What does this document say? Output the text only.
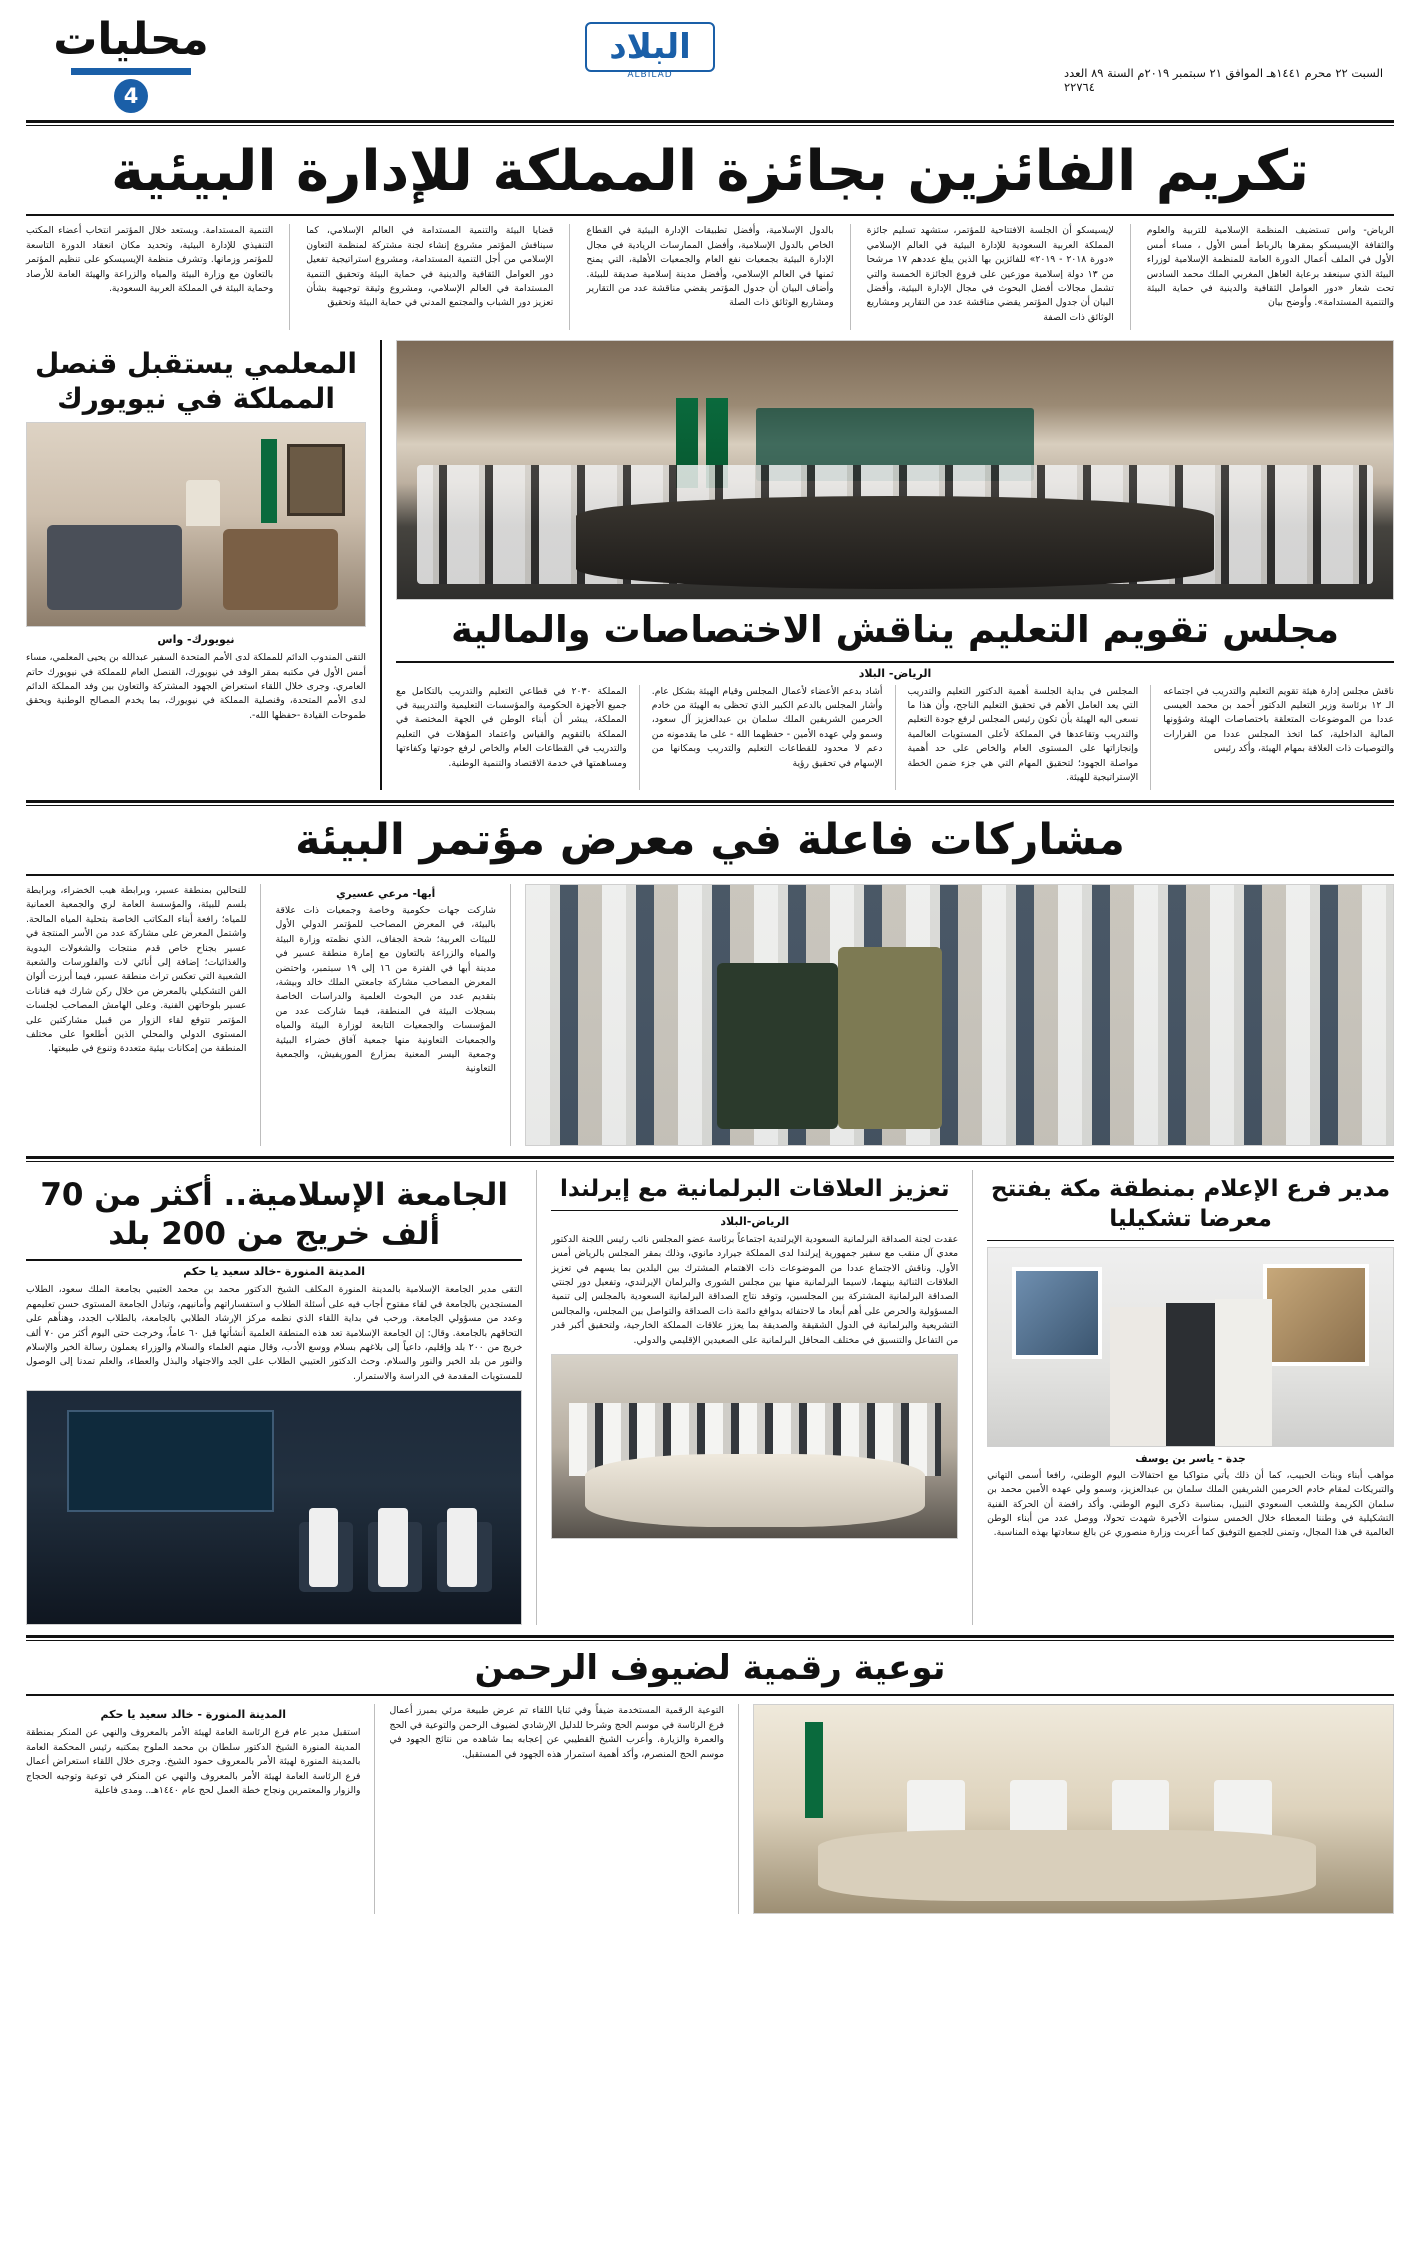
السبت ٢٢ محرم ١٤٤١هـ الموافق ٢١ سبتمبر ٢٠١٩م السنة ٨٩ العدد ٢٢٧٦٤
البلاد
ALBILAD
محليات
4
تكريم الفائزين بجائزة المملكة للإدارة البيئية

الرياض- واس تستضيف المنظمة الإسلامية للتربية والعلوم والثقافة الإيسيسكو بمقرها بالرباط أمس الأول ، مساء أمس الأول في الملف أعمال الدورة العامة للمنظمة الإسلامية لوزراء البيئة الذي سينعقد برعاية العاهل المغربي الملك محمد السادس تحت شعار «دور العوامل الثقافية والدينية في حماية البيئة والتنمية المستدامة». وأوضح بيان

لإيسيسكو أن الجلسة الافتتاحية للمؤتمر، ستشهد تسليم جائزة المملكة العربية السعودية للإدارة البيئية في العالم الإسلامي «دورة ٢٠١٨ - ٢٠١٩» للفائزين بها الذين يبلغ عددهم ١٧ مرشحا من ١٣ دولة إسلامية موزعين على فروع الجائزة الخمسة والتي تشمل مجالات أفضل البحوث في مجال الإدارة البيئية، وأفضل البيان أن جدول المؤتمر يقضي مناقشة عدد من التقارير ومشاريع الوثائق ذات الصفة

بالدول الإسلامية، وأفضل تطبيقات الإدارة البيئية في القطاع الخاص بالدول الإسلامية، وأفضل الممارسات الريادية في مجال الإدارة البيئية بجمعيات نفع العام والجمعيات الأهلية، التي يمنح ثمنها في العالم الإسلامي، وأفضل مدينة إسلامية صديقة للبيئة. وأضاف البيان أن جدول المؤتمر يقضي مناقشة عدد من التقارير ومشاريع الوثائق ذات الصلة

قضايا البيئة والتنمية المستدامة في العالم الإسلامي، كما سينافش المؤتمر مشروع إنشاء لجنة مشتركة لمنظمة التعاون الإسلامي من أجل التنمية المستدامة، ومشروع استراتيجية تفعيل دور العوامل الثقافية والدينية في حماية البيئة وتحقيق التنمية المستدامة في العالم الإسلامي، ومشروع وثيقة توجيهية بشأن تعزيز دور الشباب والمجتمع المدني في حماية البيئة وتحقيق

التنمية المستدامة. ويستعد خلال المؤتمر انتخاب أعضاء المكتب التنفيذي للإدارة البيئية، وتحديد مكان انعقاد الدورة التاسعة للمؤتمر وزمانها. وتشرف منظمة الإيسيسكو على تنظيم المؤتمر بالتعاون مع وزارة البيئة والمياه والزراعة والهيئة العامة للأرصاد وحماية البيئة في المملكة العربية السعودية.

مجلس تقويم التعليم يناقش الاختصاصات والمالية
الرياض- البلاد

ناقش مجلس إدارة هيئة تقويم التعليم والتدريب في اجتماعه الـ ١٢ برئاسة وزير التعليم الدكتور أحمد بن محمد العيسى عددا من الموضوعات المتعلقة باختصاصات الهيئة وشؤونها المالية الداخلية، كما اتخذ المجلس عددا من القرارات والتوصيات ذات العلاقة بمهام الهيئة، وأكد رئيس

المجلس في بداية الجلسة أهمية الدكتور التعليم والتدريب التي يعد العامل الأهم في تحقيق التعليم الناجح، وأن هذا ما نسعى اليه الهيئة بأن تكون رئيس المجلس لرفع جودة التعليم والتدريب وتقاعدها في المملكة لأعلى المستويات العالمية وإنجازاتها على المستوى العام والخاص على حد أهمية مواصلة الجهود؛ لتحقيق المهام التي هي جزء ضمن الخطة الإستراتيجية للهيئة.

أشاد بدعم الأعضاء لأعمال المجلس وقيام الهيئة بشكل عام. وأشار المجلس بالدعم الكبير الذي تحظى به الهيئة من خادم الحرمين الشريفين الملك سلمان بن عبدالعزيز آل سعود، وسمو ولي عهده الأمين - حفظهما الله - على ما يقدمونه من دعم لا محدود للقطاعات التعليم والتدريب وبمكانها من الإسهام في تحقيق رؤية

المملكة ٢٠٣٠ في قطاعي التعليم والتدريب بالتكامل مع جميع الأجهزة الحكومية والمؤسسات التعليمية والتدريبية في المملكة، يبشر أن أبناء الوطن في الجهة المختصة في المملكة بالتقويم والقياس واعتماد المؤهلات في التعليم والتدريب في القطاعات العام والخاص لرفع جودتها وكفاءتها ومساهمتها في خدمة الاقتصاد والتنمية الوطنية.

المعلمي يستقبل قنصل المملكة في نيويورك
نيويورك- واس

التقى المندوب الدائم للمملكة لدى الأمم المتحدة السفير عبدالله بن يحيى المعلمي، مساء أمس الأول في مكتبه بمقر الوفد في نيويورك، القنصل العام للمملكة في نيويورك حاتم العامري. وجرى خلال اللقاء استعراض الجهود المشتركة والتعاون بين وفد المملكة الدائم لدى الأمم المتحدة، وقنصلية المملكة في نيويورك، بما يخدم المصالح الوطنية ويحقق طموحات القيادة -حفظها الله-.

مشاركات فاعلة في معرض مؤتمر البيئة
أبها- مرعي عسيري

شاركت جهات حكومية وخاصة وجمعيات ذات علاقة بالبيئة، في المعرض المصاحب للمؤتمر الدولي الأول للبيئات العربية؛ شحة الجفاف، الذي نظمته وزارة البيئة والمياه والزراعة بالتعاون مع إمارة منطقة عسير في مدينة أبها في الفترة من ١٦ إلى ١٩ سبتمبر، واحتضن المعرض المصاحب مشاركة جامعتي الملك خالد وبيشة، بتقديم عدد من البحوث العلمية والدراسات الخاصة بسجلات البيئة في المنطقة، فيما شاركت عدد من المؤسسات والجمعيات التابعة لوزارة البيئة والمياه والجمعيات التعاونية منها جمعية آفاق خضراء البيئية وجمعية اليسر المعنية بمزارع الموريفيش، والجمعية التعاونية

للنحالين بمنطقة عسير، وبرابطة هيب الخضراء، وبرابطة بلسم للبيئة، والمؤسسة العامة لري والجمعية العمانية للمياه؛ رافعة أبناء المكاتب الخاصة بتحلية المياه المالحة. واشتمل المعرض على مشاركة عدد من الأسر المنتجة في عسير بجناح خاص قدم منتجات والشغولات اليدوية والغذائيات؛ إضافة إلى أنائي لات والفلورسات والشعبة الشعبية التي تعكس تراث منطقة عسير، فيما أبرزت ألوان الفن التشكيلي بالمعرض من خلال ركن شارك فيه فنانات عسير بلوحاتهن الفنية. وعلى الهامش المصاحب لجلسات المؤتمر تتوقع لقاء الزوار من قبيل مشاركتين على المستوى الدولي والمحلي الذين أطلعوا على مختلف المنطقة من إمكانات بيئية متعددة وتنوع في طبيعتها.

مدير فرع الإعلام بمنطقة مكة يفتتح معرضا تشكيليا
جدة - ياسر بن يوسف

مواهب أبناء وبنات الحبيب، كما أن ذلك يأتي متواكبا مع احتفالات اليوم الوطني، رافعا أسمى التهاني والتبريكات لمقام خادم الحرمين الشريفين الملك سلمان بن عبدالعزيز، وسمو ولي عهده الأمين محمد بن سلمان الكريمة وللشعب السعودي النبيل، بمناسبة ذكرى اليوم الوطني. وأكد رافضة أن الحركة الفنية التشكيلية في وطننا المعطاء خلال الخمس سنوات الأخيرة شهدت تحولا، ووصل عدد من أبناء الوطن العالمية في هذا المجال، وتمنى للجميع التوفيق كما أعربت وزارة منصوري عن بالغ سعادتها بهذه المناسبة.

تعزيز العلاقات البرلمانية مع إيرلندا
الرياض-البلاد

عقدت لجنة الصداقة البرلمانية السعودية الإيرلندية اجتماعاً برئاسة عضو المجلس نائب رئيس اللجنة الدكتور معدي آل منقب مع سفير جمهورية إيرلندا لدى المملكة جيرارد مانوي، وذلك بمقر المجلس بالرياض أمس الأول. وناقش الاجتماع عددا من الموضوعات ذات الاهتمام المشترك بين البلدين بما يسهم في تعزيز العلاقات الثنائية بينهما، لاسيما البرلمانية منها بين مجلس الشورى والبرلمان الإيرلندي، وتفعيل دور لجنتي الصداقة البرلمانية المشتركة بين المجلسين، وتوقد نتاج الصداقة البرلمانية السعودية بالمجلس إلى تنمية المسؤولية والحرص على أهم أبعاد ما لاحتفائه بدوافع دائمة ذات الصداقة والتواصل بين المجلس، والمجالس التشريعية والبرلمانية في الدول الشقيقة والصديقة بما يعزز علاقات المملكة الخارجية، ولتحقيق أكبر قدر من التفاعل والتنسيق في مختلف المحافل البرلمانية على الصعيدين الإقليمي والدولي.

الجامعة الإسلامية.. أكثر من 70 ألف خريج من 200 بلد
المدينة المنورة -خالد سعيد يا حكم

التقى مدير الجامعة الإسلامية بالمدينة المنورة المكلف الشيخ الدكتور محمد بن محمد العتيبي بجامعة الملك سعود، الطلاب المستجدين بالجامعة في لقاء مفتوح أجاب فيه على أسئلة الطلاب و استفساراتهم وأمانيهم، وتبادل الجامعة المستوى حسن تعليمهم وعدد من مسؤولي الجامعة. ورحب في بداية اللقاء الذي نظمه مركز الإرشاد الطلابي بالجامعة، بالطلاب الجدد، وهنأهم على التحاقهم بالجامعة. وقال: إن الجامعة الإسلامية تعد هذه المنطقة العلمية أنشأتها قبل ٦٠ عاماً، وخرجت حتى اليوم أكثر من ٧٠ ألف خريج من ٢٠٠ بلد وإقليم، داعياً إلى بلاغهم بسلام ووسع الأدب، وقال منهم العلماء والسلام والوزراء يعملون رسالة الخير والإسلام والنور من بلد الخير والنور والسلام. وحث الدكتور العتيبي الطلاب على الجد والاجتهاد والبذل والعطاء، والعلم تمدنا إلى الوصول للمستويات المقدمة في الدراسة والاستمرار.

توعية رقمية لضيوف الرحمن

التوعية الرقمية المستخدمة ضيفاً وفي ثنايا اللقاء تم عرض طبيعة مرئي بمبرز أعمال فرع الرئاسة في موسم الحج وشرحا للدليل الإرشادي لضيوف الرحمن والتوعية في الحج والعمرة والزيارة. وأعرب الشيخ القطيبي عن إعجابه بما شاهده من نتائج الجهود في موسم الحج المنصرم، وأكد أهمية استمرار هذه الجهود في المستقبل.

المدينة المنورة - خالد سعيد يا حكم

استقبل مدير عام فرع الرئاسة العامة لهيئة الأمر بالمعروف والنهي عن المنكر بمنطقة المدينة المنورة الشيخ الدكتور سلطان بن محمد الملوح بمكتبه رئيس المحكمة العامة بالمدينة المنورة لهيئة الأمر بالمعروف حمود الشيخ. وجرى خلال اللقاء استعراض أعمال فرع الرئاسة العامة لهيئة الأمر بالمعروف والنهي عن المنكر في توعية وتوجيه الحجاج والزوار والمعتمرين ونجاح خطة العمل لحج عام ١٤٤٠هـ.. ومدى فاعلية
